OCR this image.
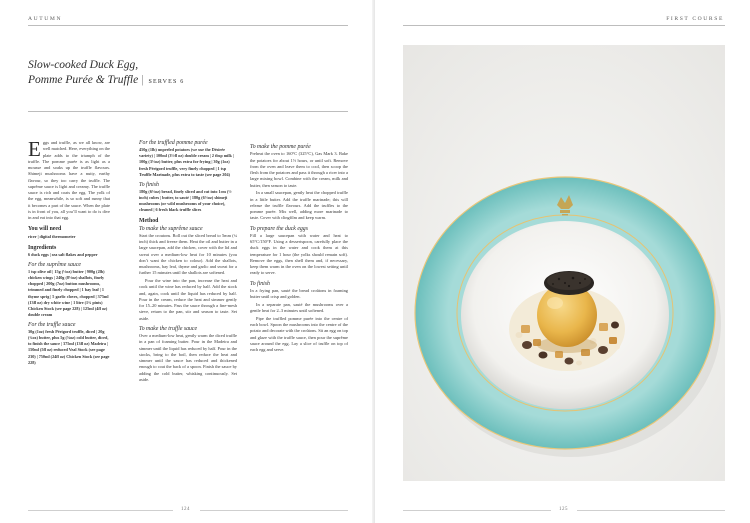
AUTUMN
Slow-cooked Duck Egg,
Pomme Purée & Truffle | SERVES 6

Eggs and truffle, as we all know, are well matched. Here, everything on the plate adds to the triumph of the truffle. The pomme purée is as light as a mousse and soaks up the truffle flavours. Shimeji mushrooms have a nutty, earthy flavour, so they too carry the truffle. The suprême sauce is light and creamy. The truffle sauce is rich and coats the egg. The yolk of the egg, meanwhile, is so soft and runny that it becomes a part of the sauce. When the plate is in front of you, all you’ll want to do is dive in and eat into that egg.

You will need
ricer | digital thermometer
Ingredients
6 duck eggs | sea salt flakes and pepper
For the suprême sauce
1 tsp olive oil | 15g (½oz) butter | 900g (2lb) chicken wings | 240g (8½oz) shallots, finely chopped | 200g (7oz) button mushrooms, trimmed and finely chopped | 1 bay leaf | 1 thyme sprig | 5 garlic cloves, chopped | 375ml (13fl oz) dry white wine | 1 litre (1¾ pints) Chicken Stock (see page 228) | 125ml (4fl oz) double cream
For the truffle sauce
30g (1oz) fresh Périgord truffle, diced | 20g (¾oz) butter, plus 5g (⅛oz) cold butter, diced, to finish the sauce | 375ml (13fl oz) Madeira | 150ml (5fl oz) reduced Veal Stock (see page 230) | 750ml (24fl oz) Chicken Stock (see page 228)
For the truffled pomme purée
450g (1lb) unpeeled potatoes (we use the Désirée variety) | 100ml (3½fl oz) double cream | 2 tbsp milk | 100g (3½oz) butter, plus extra for frying | 30g (1oz) fresh Périgord truffle, very finely chopped | 1 tsp Truffle Marinade, plus extra to taste (see page 204)
To finish
180g (6½oz) bread, finely sliced and cut into 1cm (½ inch) cubes | butter, to sauté | 180g (6½oz) shimeji mushrooms (or wild mushrooms of your choice), cleaned | 6 fresh black truffle slices
Method
To make the suprême sauce

Start the croutons. Roll out the sliced bread to 5mm (¼ inch) thick and freeze them. Heat the oil and butter in a large saucepan, add the chicken, cover with the lid and sweat over a medium-low heat for 10 minutes (you don’t want the chicken to colour). Add the shallots, mushrooms, bay leaf, thyme and garlic and sweat for a further 15 minutes until the shallots are softened.

Pour the wine into the pan, increase the heat and cook until the wine has reduced by half. Add the stock and, again, cook until the liquid has reduced by half. Pour in the cream, reduce the heat and simmer gently for 15–20 minutes. Pass the sauce through a fine-mesh sieve, return to the pan, stir and season to taste. Set aside.

To make the truffle sauce

Over a medium-low heat, gently warm the diced truffle in a pan of foaming butter. Pour in the Madeira and simmer until the liquid has reduced by half. Pour in the stocks, bring to the boil, then reduce the heat and simmer until the sauce has reduced and thickened enough to coat the back of a spoon. Finish the sauce by adding the cold butter, whisking continuously. Set aside.

To make the pomme purée

Preheat the oven to 160°C (325°C), Gas Mark 3. Bake the potatoes for about 1½ hours, or until soft. Remove from the oven and leave them to cool, then scoop the flesh from the potatoes and pass it through a ricer into a large mixing bowl. Combine with the cream, milk and butter, then season to taste.

In a small saucepan, gently heat the chopped truffle in a little butter. Add the truffle marinade; this will release the truffle flavours. Add the truffles to the pomme purée. Mix well, adding more marinade to taste. Cover with clingfilm and keep warm.

To prepare the duck eggs

Fill a large saucepan with water and heat to 65°C/150°F. Using a dessertspoon, carefully place the duck eggs in the water and cook them at this temperature for 1 hour (the yolks should remain soft). Remove the eggs, then shell them and, if necessary, keep them warm in the oven on the lowest setting until ready to serve.

To finish

In a frying pan, sauté the bread croûtons in foaming butter until crisp and golden.

In a separate pan, sauté the mushrooms over a gentle heat for 2–3 minutes until softened.

Pipe the truffled pomme purée into the centre of each bowl. Spoon the mushrooms into the centre of the potato and decorate with the croûtons. Sit an egg on top and glaze with the truffle sauce, then pour the suprême sauce around the egg. Lay a slice of truffle on top of each egg and serve.

124
FIRST COURSE
125
